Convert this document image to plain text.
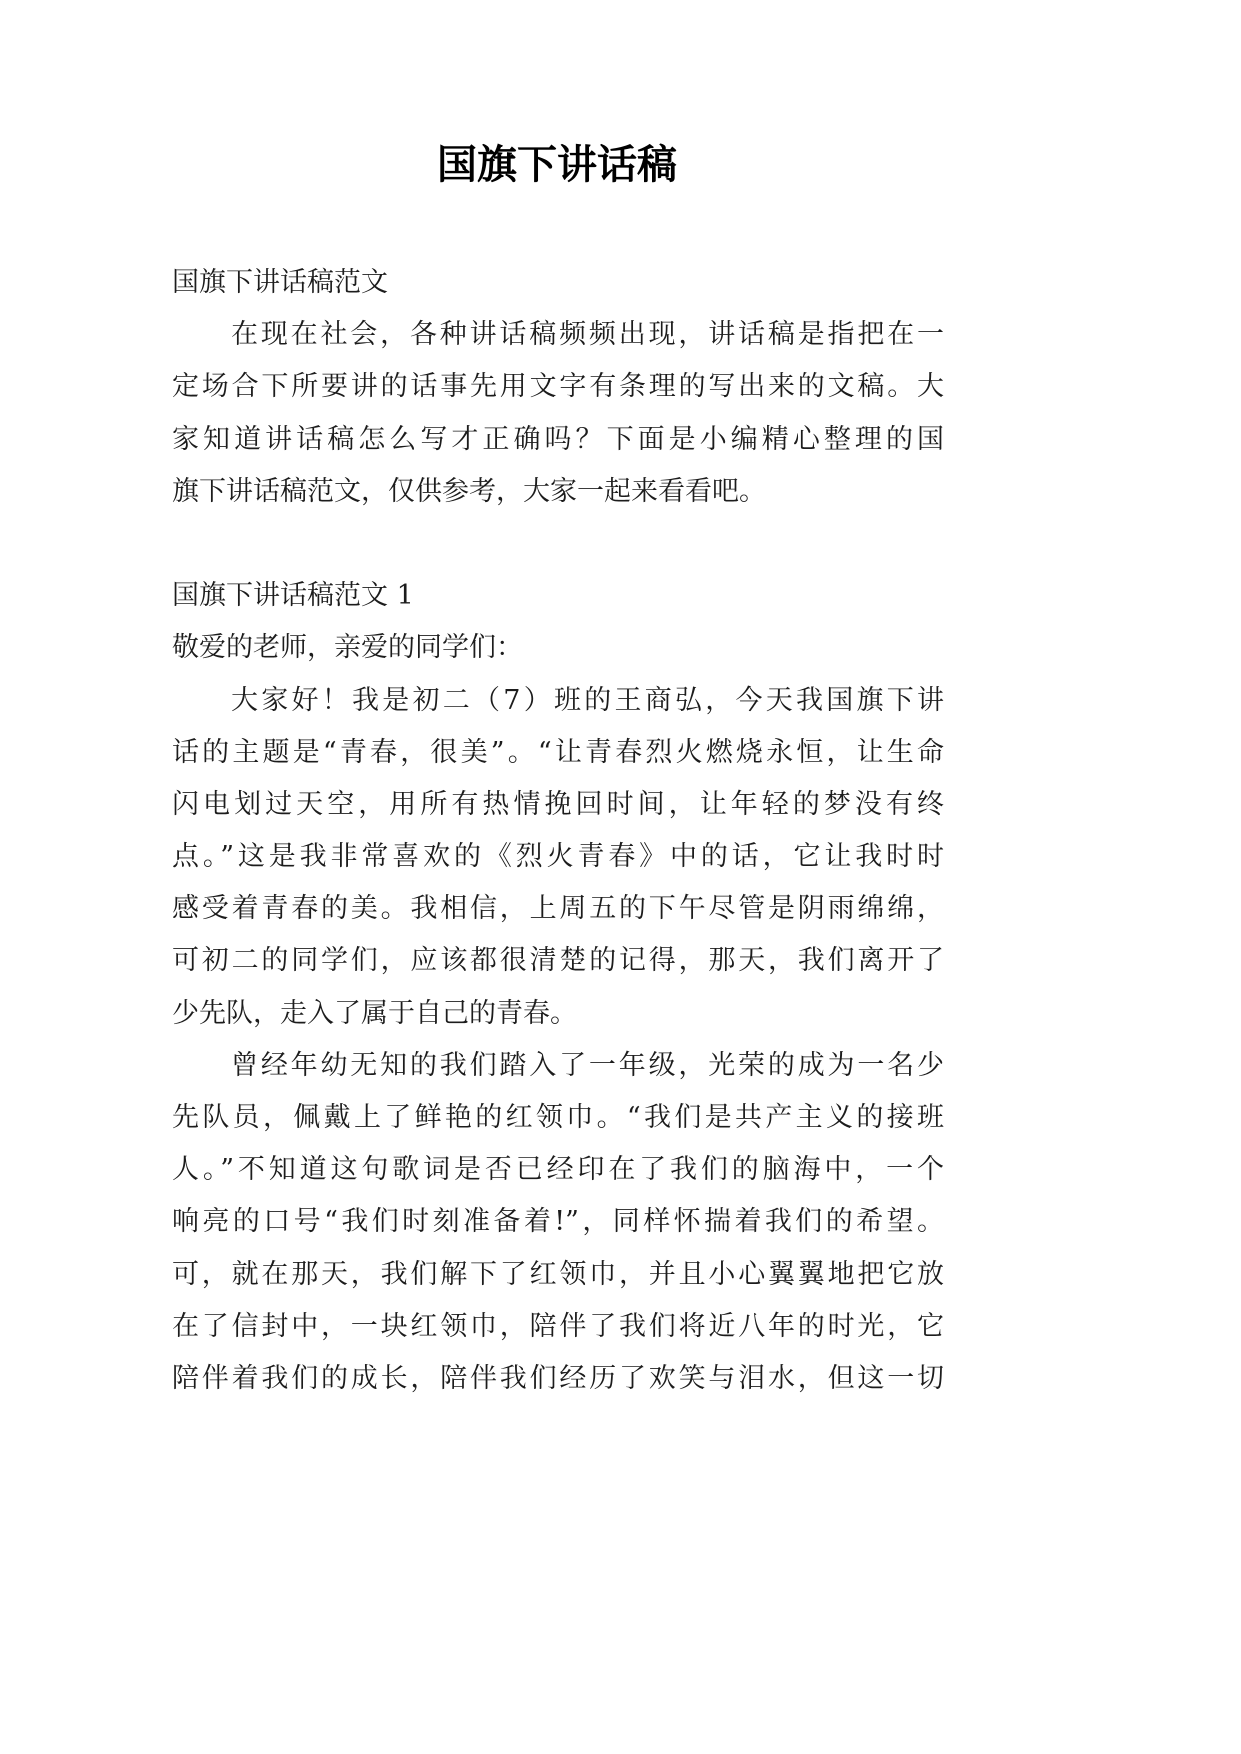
国旗下讲话稿
国旗下讲话稿范文
在现在社会，各种讲话稿频频出现，讲话稿是指把在一
定场合下所要讲的话事先用文字有条理的写出来的文稿。大
家知道讲话稿怎么写才正确吗？下面是小编精心整理的国
旗下讲话稿范文，仅供参考，大家一起来看看吧。
国旗下讲话稿范文 1
敬爱的老师，亲爱的同学们：
大家好！我是初二（7）班的王商弘，今天我国旗下讲
话的主题是“青春，很美”。“让青春烈火燃烧永恒，让生命
闪电划过天空，用所有热情挽回时间，让年轻的梦没有终
点。”这是我非常喜欢的《烈火青春》中的话，它让我时时
感受着青春的美。我相信，上周五的下午尽管是阴雨绵绵，
可初二的同学们，应该都很清楚的记得，那天，我们离开了
少先队，走入了属于自己的青春。
曾经年幼无知的我们踏入了一年级，光荣的成为一名少
先队员，佩戴上了鲜艳的红领巾。“我们是共产主义的接班
人。”不知道这句歌词是否已经印在了我们的脑海中，一个
响亮的口号“我们时刻准备着!”，同样怀揣着我们的希望。
可，就在那天，我们解下了红领巾，并且小心翼翼地把它放
在了信封中，一块红领巾，陪伴了我们将近八年的时光，它
陪伴着我们的成长，陪伴我们经历了欢笑与泪水，但这一切
